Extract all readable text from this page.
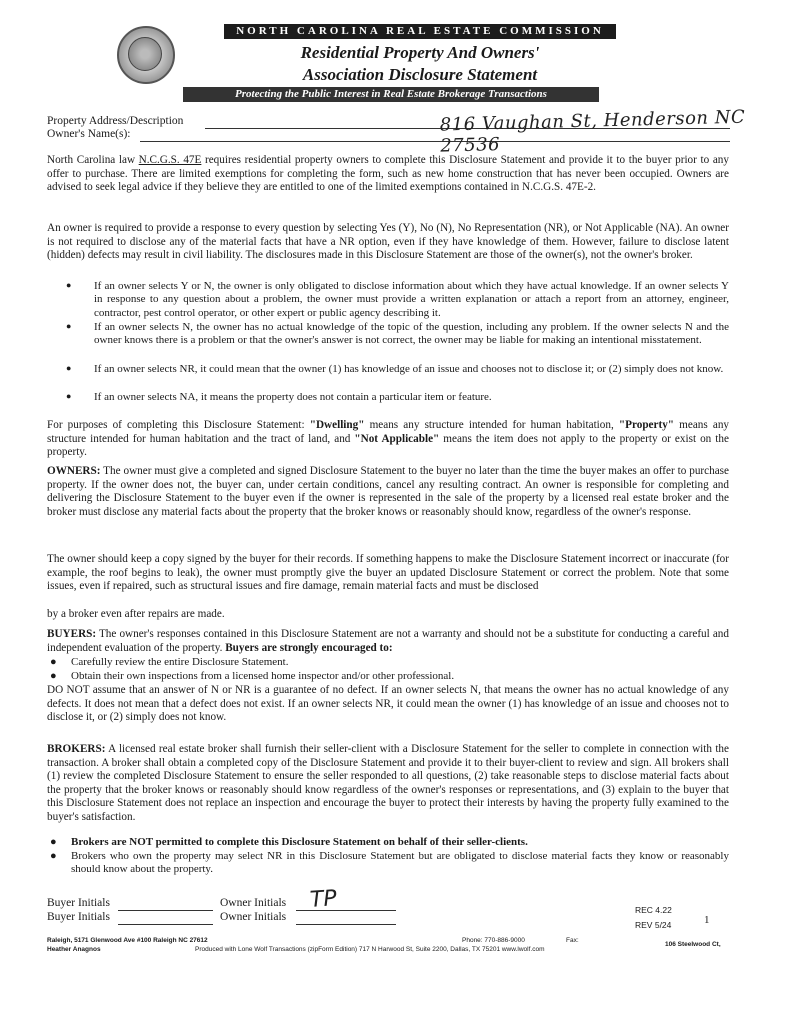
NORTH CAROLINA REAL ESTATE COMMISSION
Residential Property And Owners'
Association Disclosure Statement
Protecting the Public Interest in Real Estate Brokerage Transactions
Property Address/Description
Owner's Name(s):	816 Vaughan St, Henderson NC 27536
North Carolina law N.C.G.S. 47E requires residential property owners to complete this Disclosure Statement and provide it to the buyer prior to any offer to purchase. There are limited exemptions for completing the form, such as new home construction that has never been occupied. Owners are advised to seek legal advice if they believe they are entitled to one of the limited exemptions contained in N.C.G.S. 47E-2.
An owner is required to provide a response to every question by selecting Yes (Y), No (N), No Representation (NR), or Not Applicable (NA). An owner is not required to disclose any of the material facts that have a NR option, even if they have knowledge of them. However, failure to disclose latent (hidden) defects may result in civil liability. The disclosures made in this Disclosure Statement are those of the owner(s), not the owner's broker.
●	If an owner selects Y or N, the owner is only obligated to disclose information about which they have actual knowledge. If an owner selects Y in response to any question about a problem, the owner must provide a written explanation or attach a report from an attorney, engineer, contractor, pest control operator, or other expert or public agency describing it.
●	If an owner selects N, the owner has no actual knowledge of the topic of the question, including any problem. If the owner selects N and the owner knows there is a problem or that the owner's answer is not correct, the owner may be liable for making an intentional misstatement.
●	If an owner selects NR, it could mean that the owner (1) has knowledge of an issue and chooses not to disclose it; or (2) simply does not know.
●	If an owner selects NA, it means the property does not contain a particular item or feature.
For purposes of completing this Disclosure Statement: "Dwelling" means any structure intended for human habitation, "Property" means any structure intended for human habitation and the tract of land, and "Not Applicable" means the item does not apply to the property or exist on the property.
OWNERS: The owner must give a completed and signed Disclosure Statement to the buyer no later than the time the buyer makes an offer to purchase property. If the owner does not, the buyer can, under certain conditions, cancel any resulting contract. An owner is responsible for completing and delivering the Disclosure Statement to the buyer even if the owner is represented in the sale of the property by a licensed real estate broker and the broker must disclose any material facts about the property that the broker knows or reasonably should know, regardless of the owner's response.
The owner should keep a copy signed by the buyer for their records. If something happens to make the Disclosure Statement incorrect or inaccurate (for example, the roof begins to leak), the owner must promptly give the buyer an updated Disclosure Statement or correct the problem. Note that some issues, even if repaired, such as structural issues and fire damage, remain material facts and must be disclosed
by a broker even after repairs are made.
BUYERS: The owner's responses contained in this Disclosure Statement are not a warranty and should not be a substitute for conducting a careful and independent evaluation of the property. Buyers are strongly encouraged to:
●	Carefully review the entire Disclosure Statement.
●	Obtain their own inspections from a licensed home inspector and/or other professional.
DO NOT assume that an answer of N or NR is a guarantee of no defect. If an owner selects N, that means the owner has no actual knowledge of any defects. It does not mean that a defect does not exist. If an owner selects NR, it could mean the owner (1) has knowledge of an issue and chooses not to disclose it, or (2) simply does not know.
BROKERS: A licensed real estate broker shall furnish their seller-client with a Disclosure Statement for the seller to complete in connection with the transaction. A broker shall obtain a completed copy of the Disclosure Statement and provide it to their buyer-client to review and sign. All brokers shall (1) review the completed Disclosure Statement to ensure the seller responded to all questions, (2) take reasonable steps to disclose material facts about the property that the broker knows or reasonably should know regardless of the owner's responses or representations, and (3) explain to the buyer that this Disclosure Statement does not replace an inspection and encourage the buyer to protect their interests by having the property fully examined to the buyer's satisfaction.
●	Brokers are NOT permitted to complete this Disclosure Statement on behalf of their seller-clients.
●	Brokers who own the property may select NR in this Disclosure Statement but are obligated to disclose material facts they know or reasonably should know about the property.
Buyer Initials	Owner Initials TP
Buyer Initials	Owner Initials
REC 4.22
REV 5/24	1
Raleigh, 5171 Glenwood Ave #100 Raleigh NC 27612
Heather Anagnos
Phone: 770-886-9000	Fax:
Produced with Lone Wolf Transactions (zipForm Edition) 717 N Harwood St, Suite 2200, Dallas, TX 75201 www.lwolf.com
106 Steelwood Ct,
